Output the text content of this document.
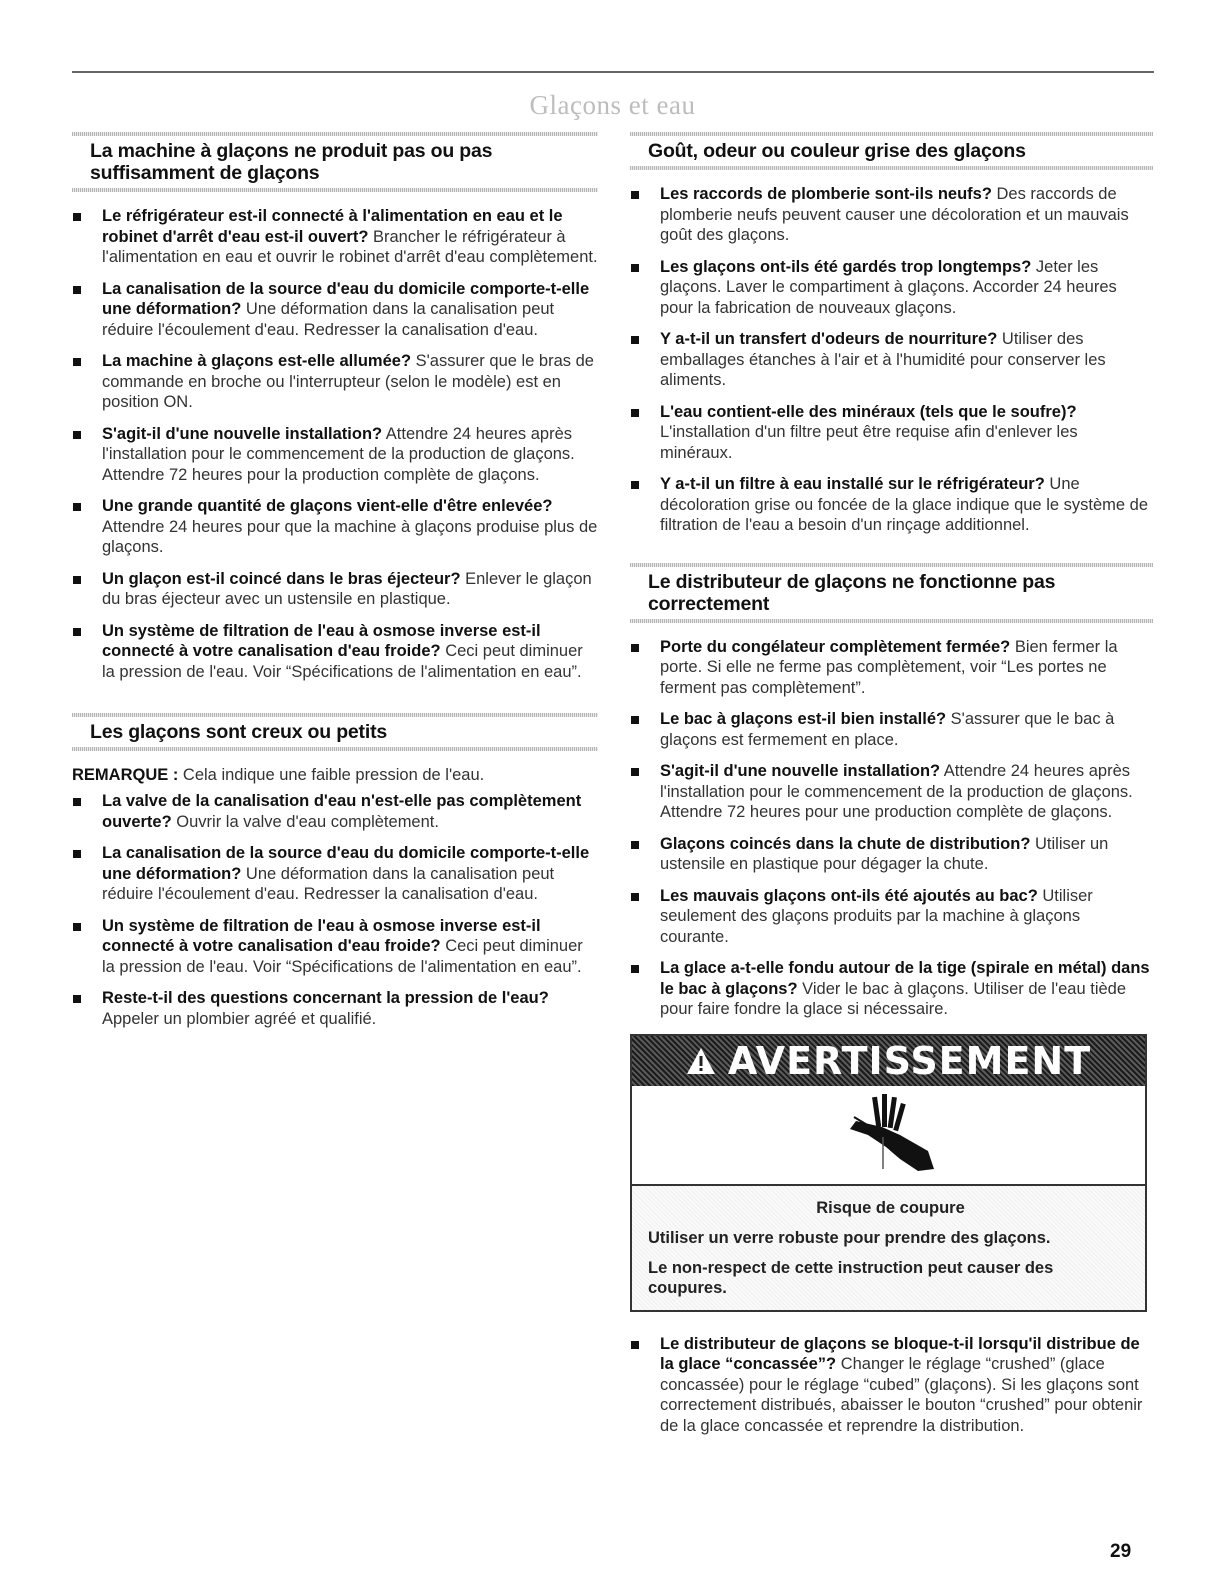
Glaçons et eau
La machine à glaçons ne produit pas ou pas
suffisamment de glaçons
Le réfrigérateur est-il connecté à l'alimentation en eau et le robinet d'arrêt d'eau est-il ouvert? Brancher le réfrigérateur à l'alimentation en eau et ouvrir le robinet d'arrêt d'eau complètement.
La canalisation de la source d'eau du domicile comporte-t-elle une déformation? Une déformation dans la canalisation peut réduire l'écoulement d'eau. Redresser la canalisation d'eau.
La machine à glaçons est-elle allumée? S'assurer que le bras de commande en broche ou l'interrupteur (selon le modèle) est en position ON.
S'agit-il d'une nouvelle installation? Attendre 24 heures après l'installation pour le commencement de la production de glaçons. Attendre 72 heures pour la production complète de glaçons.
Une grande quantité de glaçons vient-elle d'être enlevée? Attendre 24 heures pour que la machine à glaçons produise plus de glaçons.
Un glaçon est-il coincé dans le bras éjecteur? Enlever le glaçon du bras éjecteur avec un ustensile en plastique.
Un système de filtration de l'eau à osmose inverse est-il connecté à votre canalisation d'eau froide? Ceci peut diminuer la pression de l'eau. Voir “Spécifications de l'alimentation en eau”.
Les glaçons sont creux ou petits

REMARQUE : Cela indique une faible pression de l'eau.

La valve de la canalisation d'eau n'est-elle pas complètement ouverte? Ouvrir la valve d'eau complètement.
La canalisation de la source d'eau du domicile comporte-t-elle une déformation? Une déformation dans la canalisation peut réduire l'écoulement d'eau. Redresser la canalisation d'eau.
Un système de filtration de l'eau à osmose inverse est-il connecté à votre canalisation d'eau froide? Ceci peut diminuer la pression de l'eau. Voir “Spécifications de l'alimentation en eau”.
Reste-t-il des questions concernant la pression de l'eau? Appeler un plombier agréé et qualifié.
Goût, odeur ou couleur grise des glaçons
Les raccords de plomberie sont-ils neufs? Des raccords de plomberie neufs peuvent causer une décoloration et un mauvais goût des glaçons.
Les glaçons ont-ils été gardés trop longtemps? Jeter les glaçons. Laver le compartiment à glaçons. Accorder 24 heures pour la fabrication de nouveaux glaçons.
Y a-t-il un transfert d'odeurs de nourriture? Utiliser des emballages étanches à l'air et à l'humidité pour conserver les aliments.
L'eau contient-elle des minéraux (tels que le soufre)? L'installation d'un filtre peut être requise afin d'enlever les minéraux.
Y a-t-il un filtre à eau installé sur le réfrigérateur? Une décoloration grise ou foncée de la glace indique que le système de filtration de l'eau a besoin d'un rinçage additionnel.
Le distributeur de glaçons ne fonctionne pas
correctement
Porte du congélateur complètement fermée? Bien fermer la porte. Si elle ne ferme pas complètement, voir “Les portes ne ferment pas complètement”.
Le bac à glaçons est-il bien installé? S'assurer que le bac à glaçons est fermement en place.
S'agit-il d'une nouvelle installation? Attendre 24 heures après l'installation pour le commencement de la production de glaçons. Attendre 72 heures pour une production complète de glaçons.
Glaçons coincés dans la chute de distribution? Utiliser un ustensile en plastique pour dégager la chute.
Les mauvais glaçons ont-ils été ajoutés au bac? Utiliser seulement des glaçons produits par la machine à glaçons courante.
La glace a-t-elle fondu autour de la tige (spirale en métal) dans le bac à glaçons? Vider le bac à glaçons. Utiliser de l'eau tiède pour faire fondre la glace si nécessaire.
AVERTISSEMENT
Risque de coupure

Utiliser un verre robuste pour prendre des glaçons.

Le non-respect de cette instruction peut causer des coupures.

Le distributeur de glaçons se bloque-t-il lorsqu'il distribue de la glace “concassée”? Changer le réglage “crushed” (glace concassée) pour le réglage “cubed” (glaçons). Si les glaçons sont correctement distribués, abaisser le bouton “crushed” pour obtenir de la glace concassée et reprendre la distribution.
29
